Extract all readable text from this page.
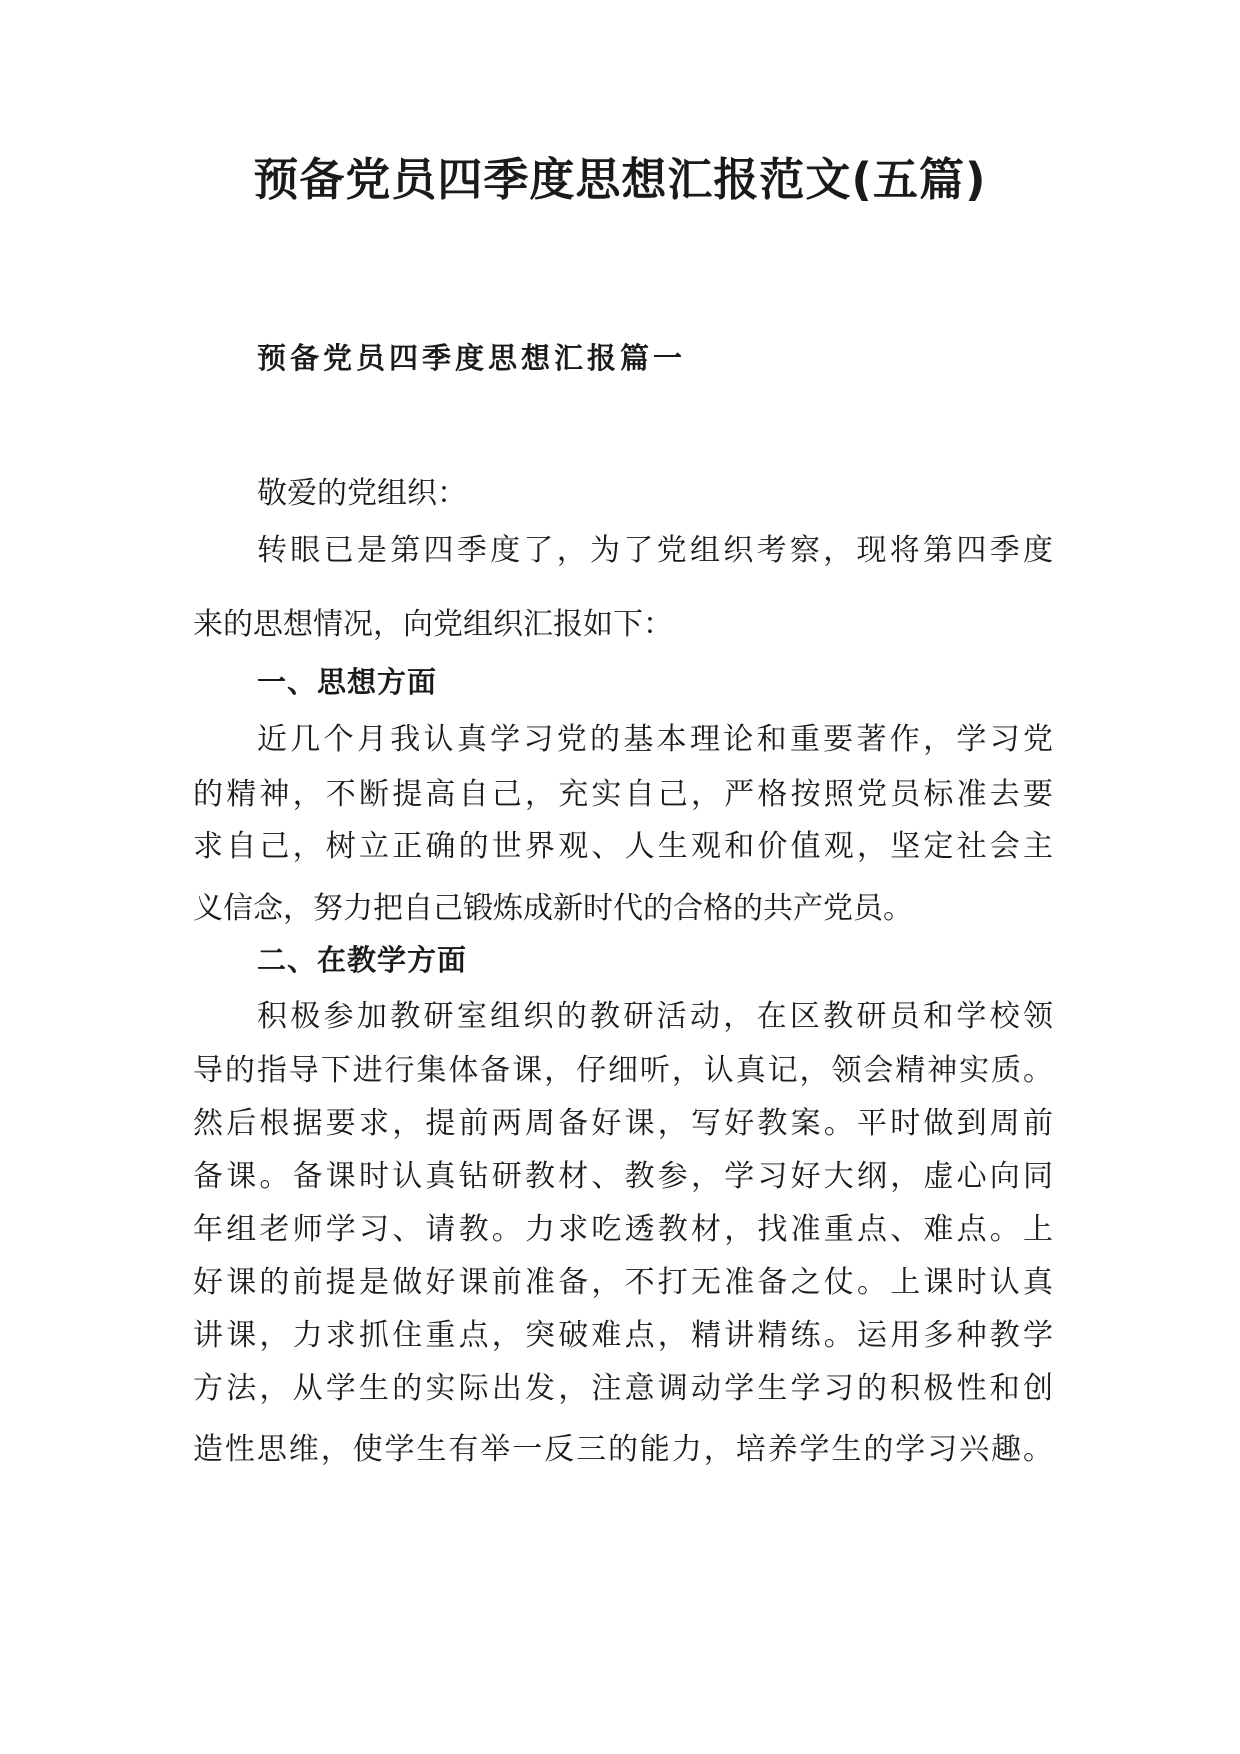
预备党员四季度思想汇报范文(五篇)
预备党员四季度思想汇报篇一

敬爱的党组织：

转眼已是第四季度了，为了党组织考察，现将第四季度

来的思想情况，向党组织汇报如下：

一、思想方面

近几个月我认真学习党的基本理论和重要著作，学习党

的精神，不断提高自己，充实自己，严格按照党员标准去要

求自己，树立正确的世界观、人生观和价值观，坚定社会主

义信念，努力把自己锻炼成新时代的合格的共产党员。

二、在教学方面

积极参加教研室组织的教研活动，在区教研员和学校领

导的指导下进行集体备课，仔细听，认真记，领会精神实质。

然后根据要求，提前两周备好课，写好教案。平时做到周前

备课。备课时认真钻研教材、教参，学习好大纲，虚心向同

年组老师学习、请教。力求吃透教材，找准重点、难点。上

好课的前提是做好课前准备，不打无准备之仗。上课时认真

讲课，力求抓住重点，突破难点，精讲精练。运用多种教学

方法，从学生的实际出发，注意调动学生学习的积极性和创

造性思维，使学生有举一反三的能力，培养学生的学习兴趣。
